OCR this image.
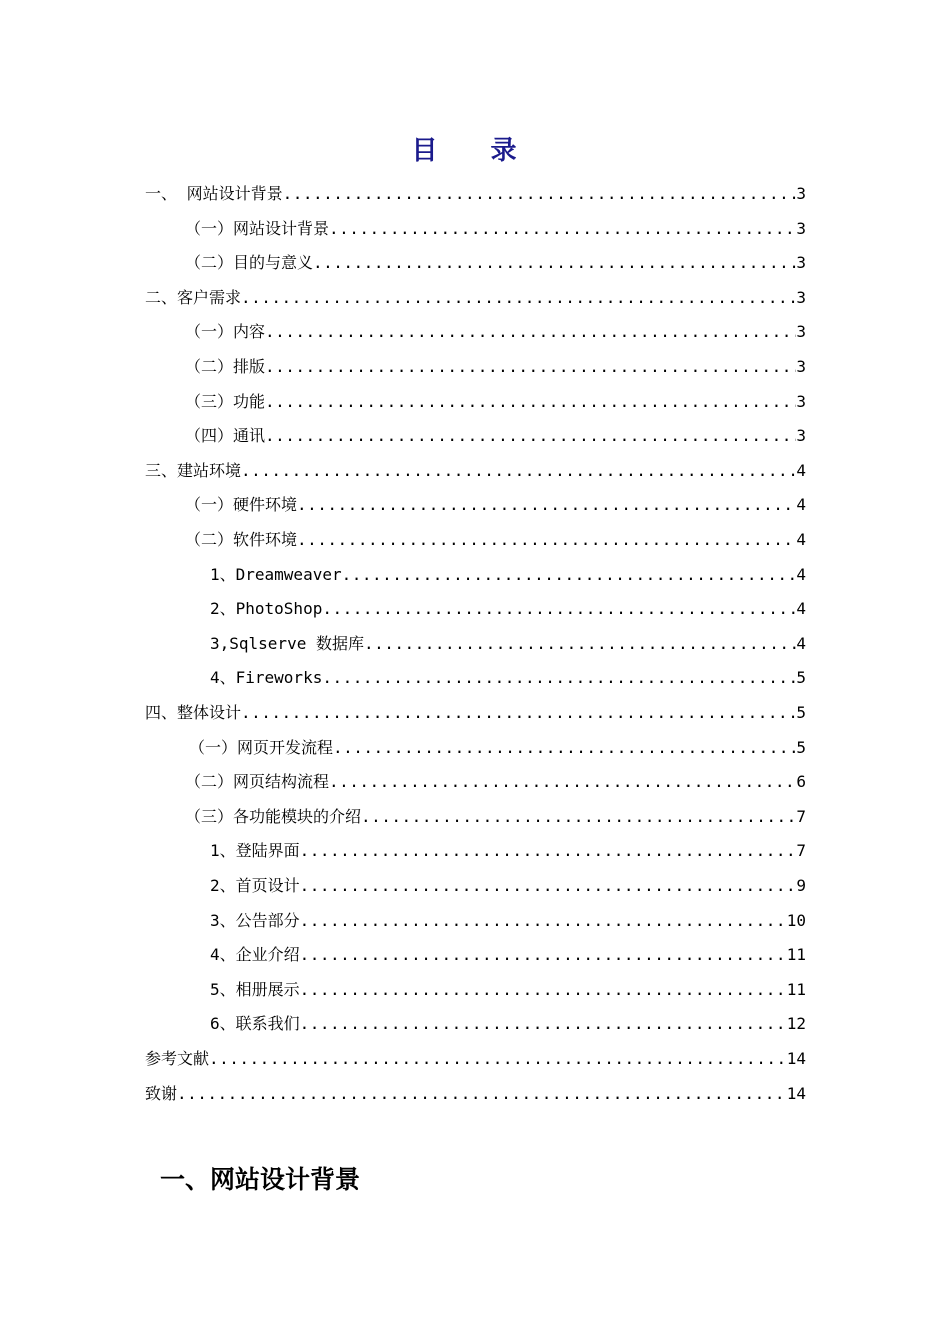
目 录
一、 网站设计背景 .....	3
（一）网站设计背景 .....	3
（二）目的与意义 .....	3
二、客户需求 .....	3
（一）内容 .....	3
（二）排版 .....	3
（三）功能 .....	3
（四）通讯 .....	3
三、建站环境 .....	4
（一）硬件环境 .....	4
（二）软件环境 .....	4
1、Dreamweaver .....	4
2、PhotoShop .....	4
3,Sqlserve 数据库 .....	4
4、Fireworks .....	5
四、整体设计 .....	5
（一）网页开发流程 .....	5
（二）网页结构流程 .....	6
（三）各功能模块的介绍 .....	7
1、登陆界面 .....	7
2、首页设计 .....	9
3、公告部分 .....	10
4、企业介绍 .....	11
5、相册展示 .....	11
6、联系我们 .....	12
参考文献 .....	14
致谢 .....	14
一、网站设计背景
